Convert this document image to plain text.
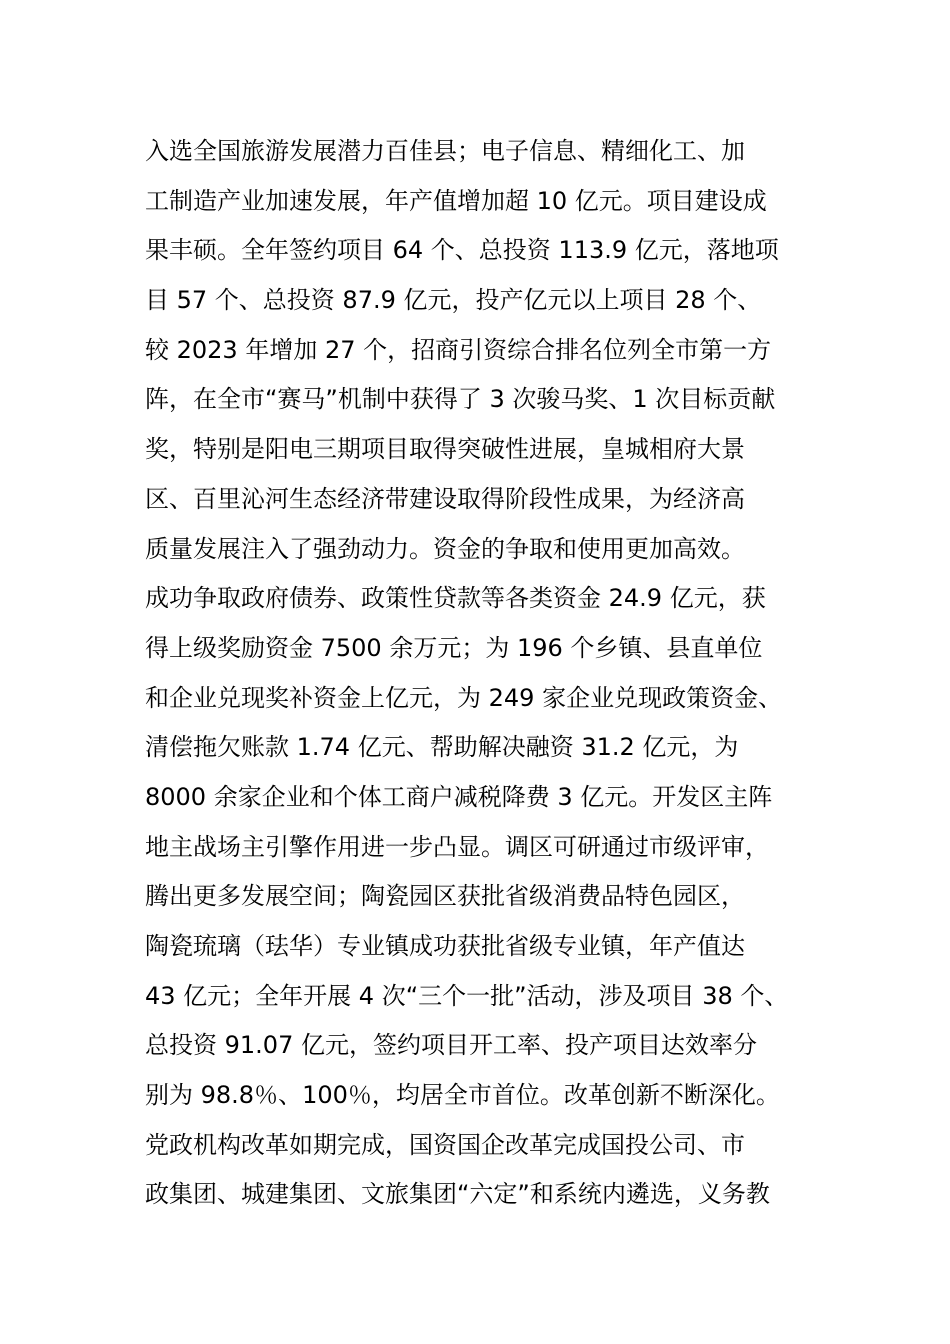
入选全国旅游发展潜力百佳县；电子信息、精细化工、加
工制造产业加速发展，年产值增加超 10 亿元。项目建设成
果丰硕。全年签约项目 64 个、总投资 113.9 亿元，落地项
目 57 个、总投资 87.9 亿元，投产亿元以上项目 28 个、
较 2023 年增加 27 个，招商引资综合排名位列全市第一方
阵，在全市“赛马”机制中获得了 3 次骏马奖、1 次目标贡献
奖，特别是阳电三期项目取得突破性进展，皇城相府大景
区、百里沁河生态经济带建设取得阶段性成果，为经济高
质量发展注入了强劲动力。资金的争取和使用更加高效。
成功争取政府债券、政策性贷款等各类资金 24.9 亿元，获
得上级奖励资金 7500 余万元；为 196 个乡镇、县直单位
和企业兑现奖补资金上亿元，为 249 家企业兑现政策资金、
清偿拖欠账款 1.74 亿元、帮助解决融资 31.2 亿元，为
8000 余家企业和个体工商户减税降费 3 亿元。开发区主阵
地主战场主引擎作用进一步凸显。调区可研通过市级评审，
腾出更多发展空间；陶瓷园区获批省级消费品特色园区，
陶瓷琉璃（珐华）专业镇成功获批省级专业镇，年产值达
43 亿元；全年开展 4 次“三个一批”活动，涉及项目 38 个、
总投资 91.07 亿元，签约项目开工率、投产项目达效率分
别为 98.8％、100％，均居全市首位。改革创新不断深化。
党政机构改革如期完成，国资国企改革完成国投公司、市
政集团、城建集团、文旅集团“六定”和系统内遴选，义务教
